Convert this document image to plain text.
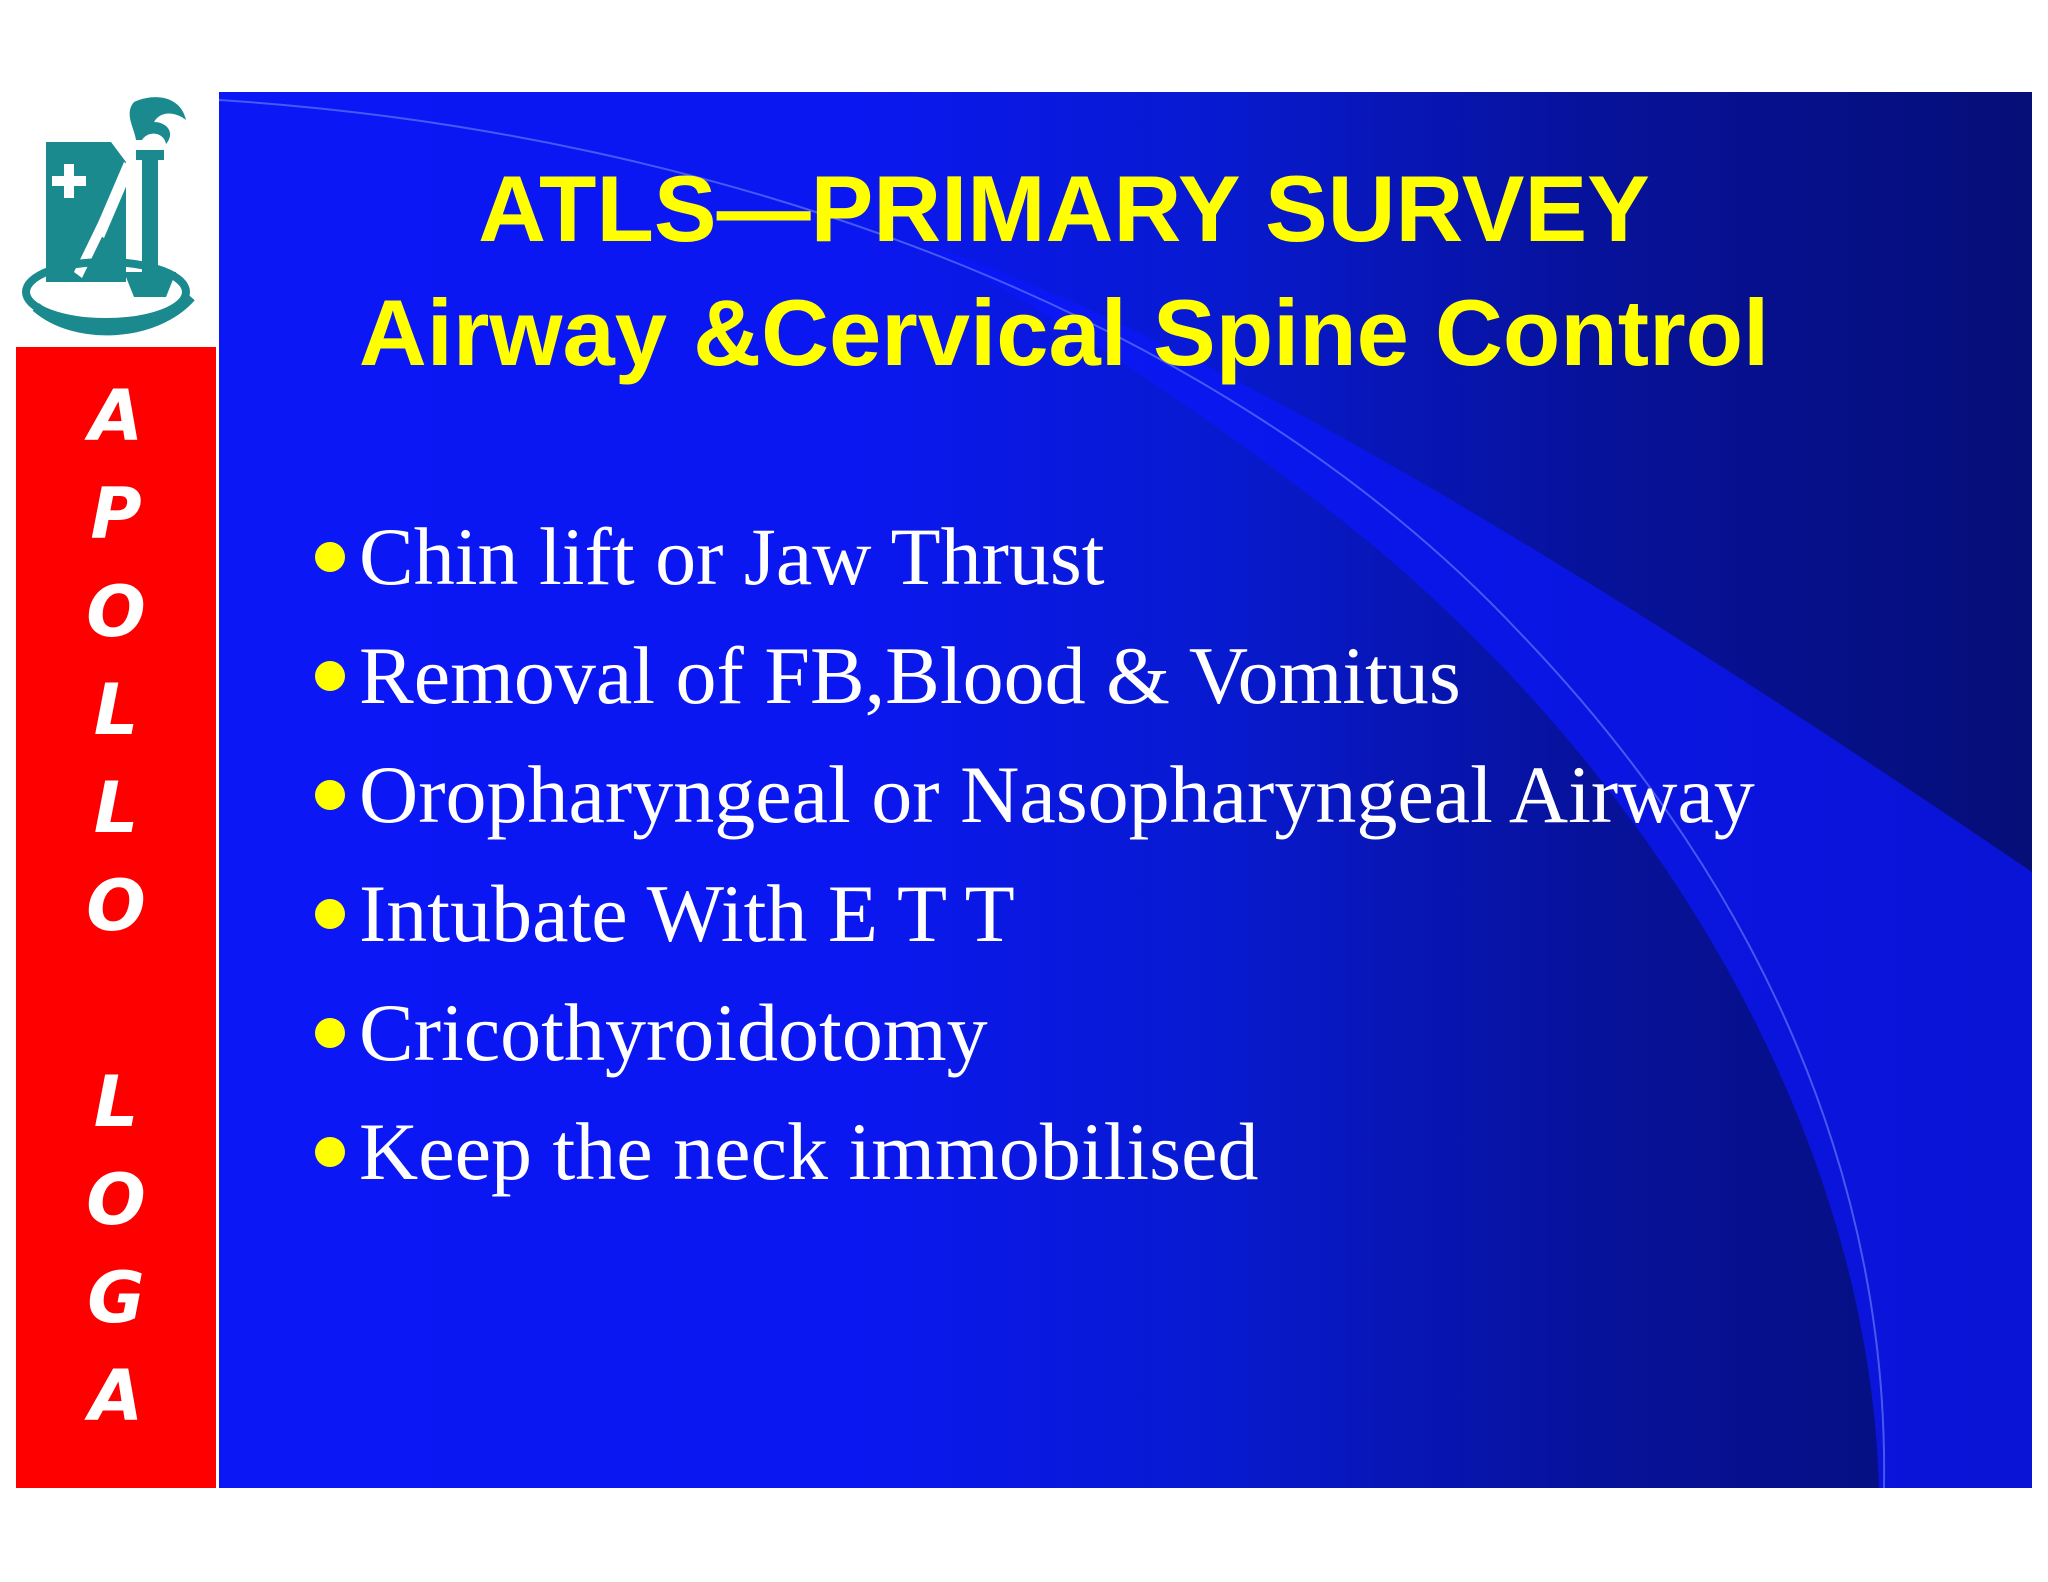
A
P
O
L
L
O
L
O
G
A
ATLS—PRIMARY SURVEY
Airway &Cervical Spine Control
Chin lift or Jaw Thrust
Removal of FB,Blood & Vomitus
Oropharyngeal or Nasopharyngeal Airway
Intubate With E T T
Cricothyroidotomy
Keep the neck immobilised
